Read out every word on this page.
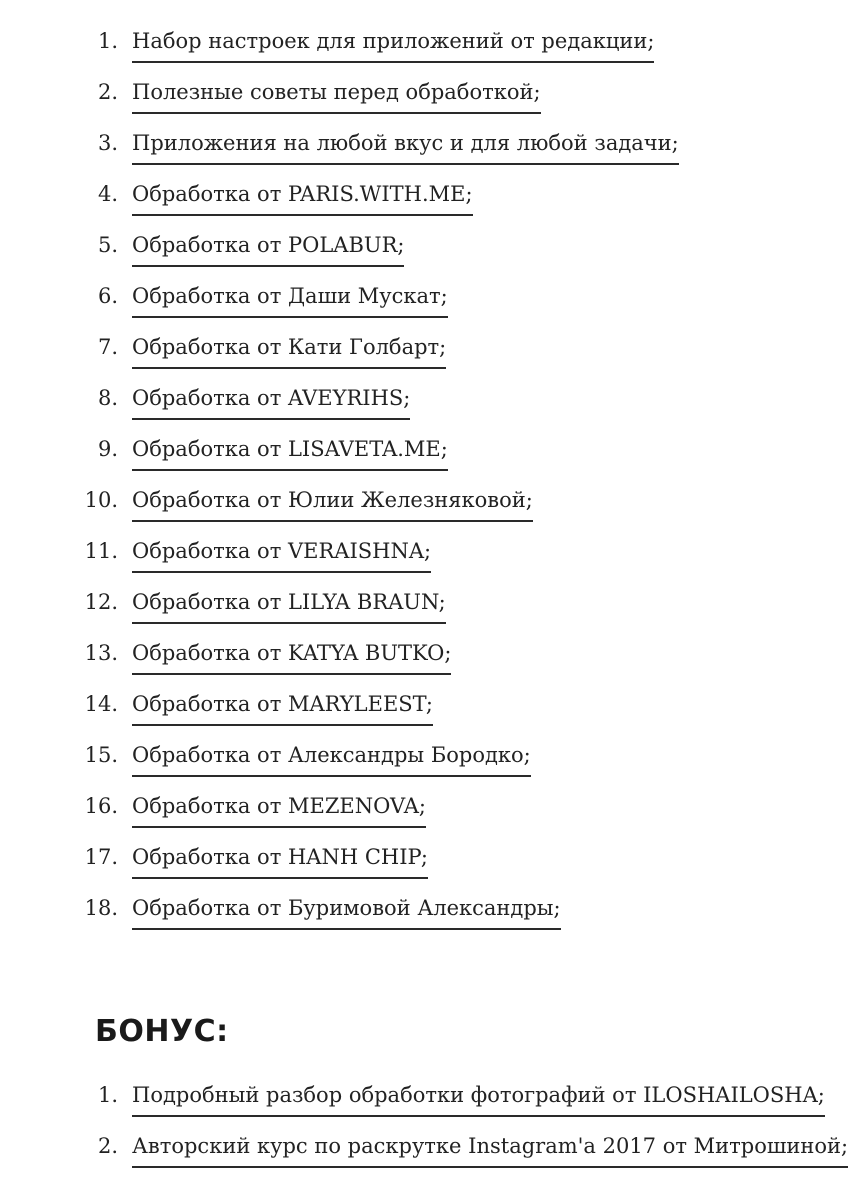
1. Набор настроек для приложений от редакции;
2. Полезные советы перед обработкой;
3. Приложения на любой вкус и для любой задачи;
4. Обработка от PARIS.WITH.ME;
5. Обработка от POLABUR;
6. Обработка от Даши Мускат;
7. Обработка от Кати Голбарт;
8. Обработка от AVEYRIHS;
9. Обработка от LISAVETA.ME;
10. Обработка от Юлии Железняковой;
11. Обработка от VERAISHNA;
12. Обработка от LILYA BRAUN;
13. Обработка от KATYA BUTKO;
14. Обработка от MARYLEEST;
15. Обработка от Александры Бородко;
16. Обработка от MEZENOVA;
17. Обработка от HANH CHIP;
18. Обработка от Буримовой Александры;
БОНУС:
1. Подробный разбор обработки фотографий от ILOSHAILOSHA;
2. Авторский курс по раскрутке Instagram'a 2017 от Митрошиной;
